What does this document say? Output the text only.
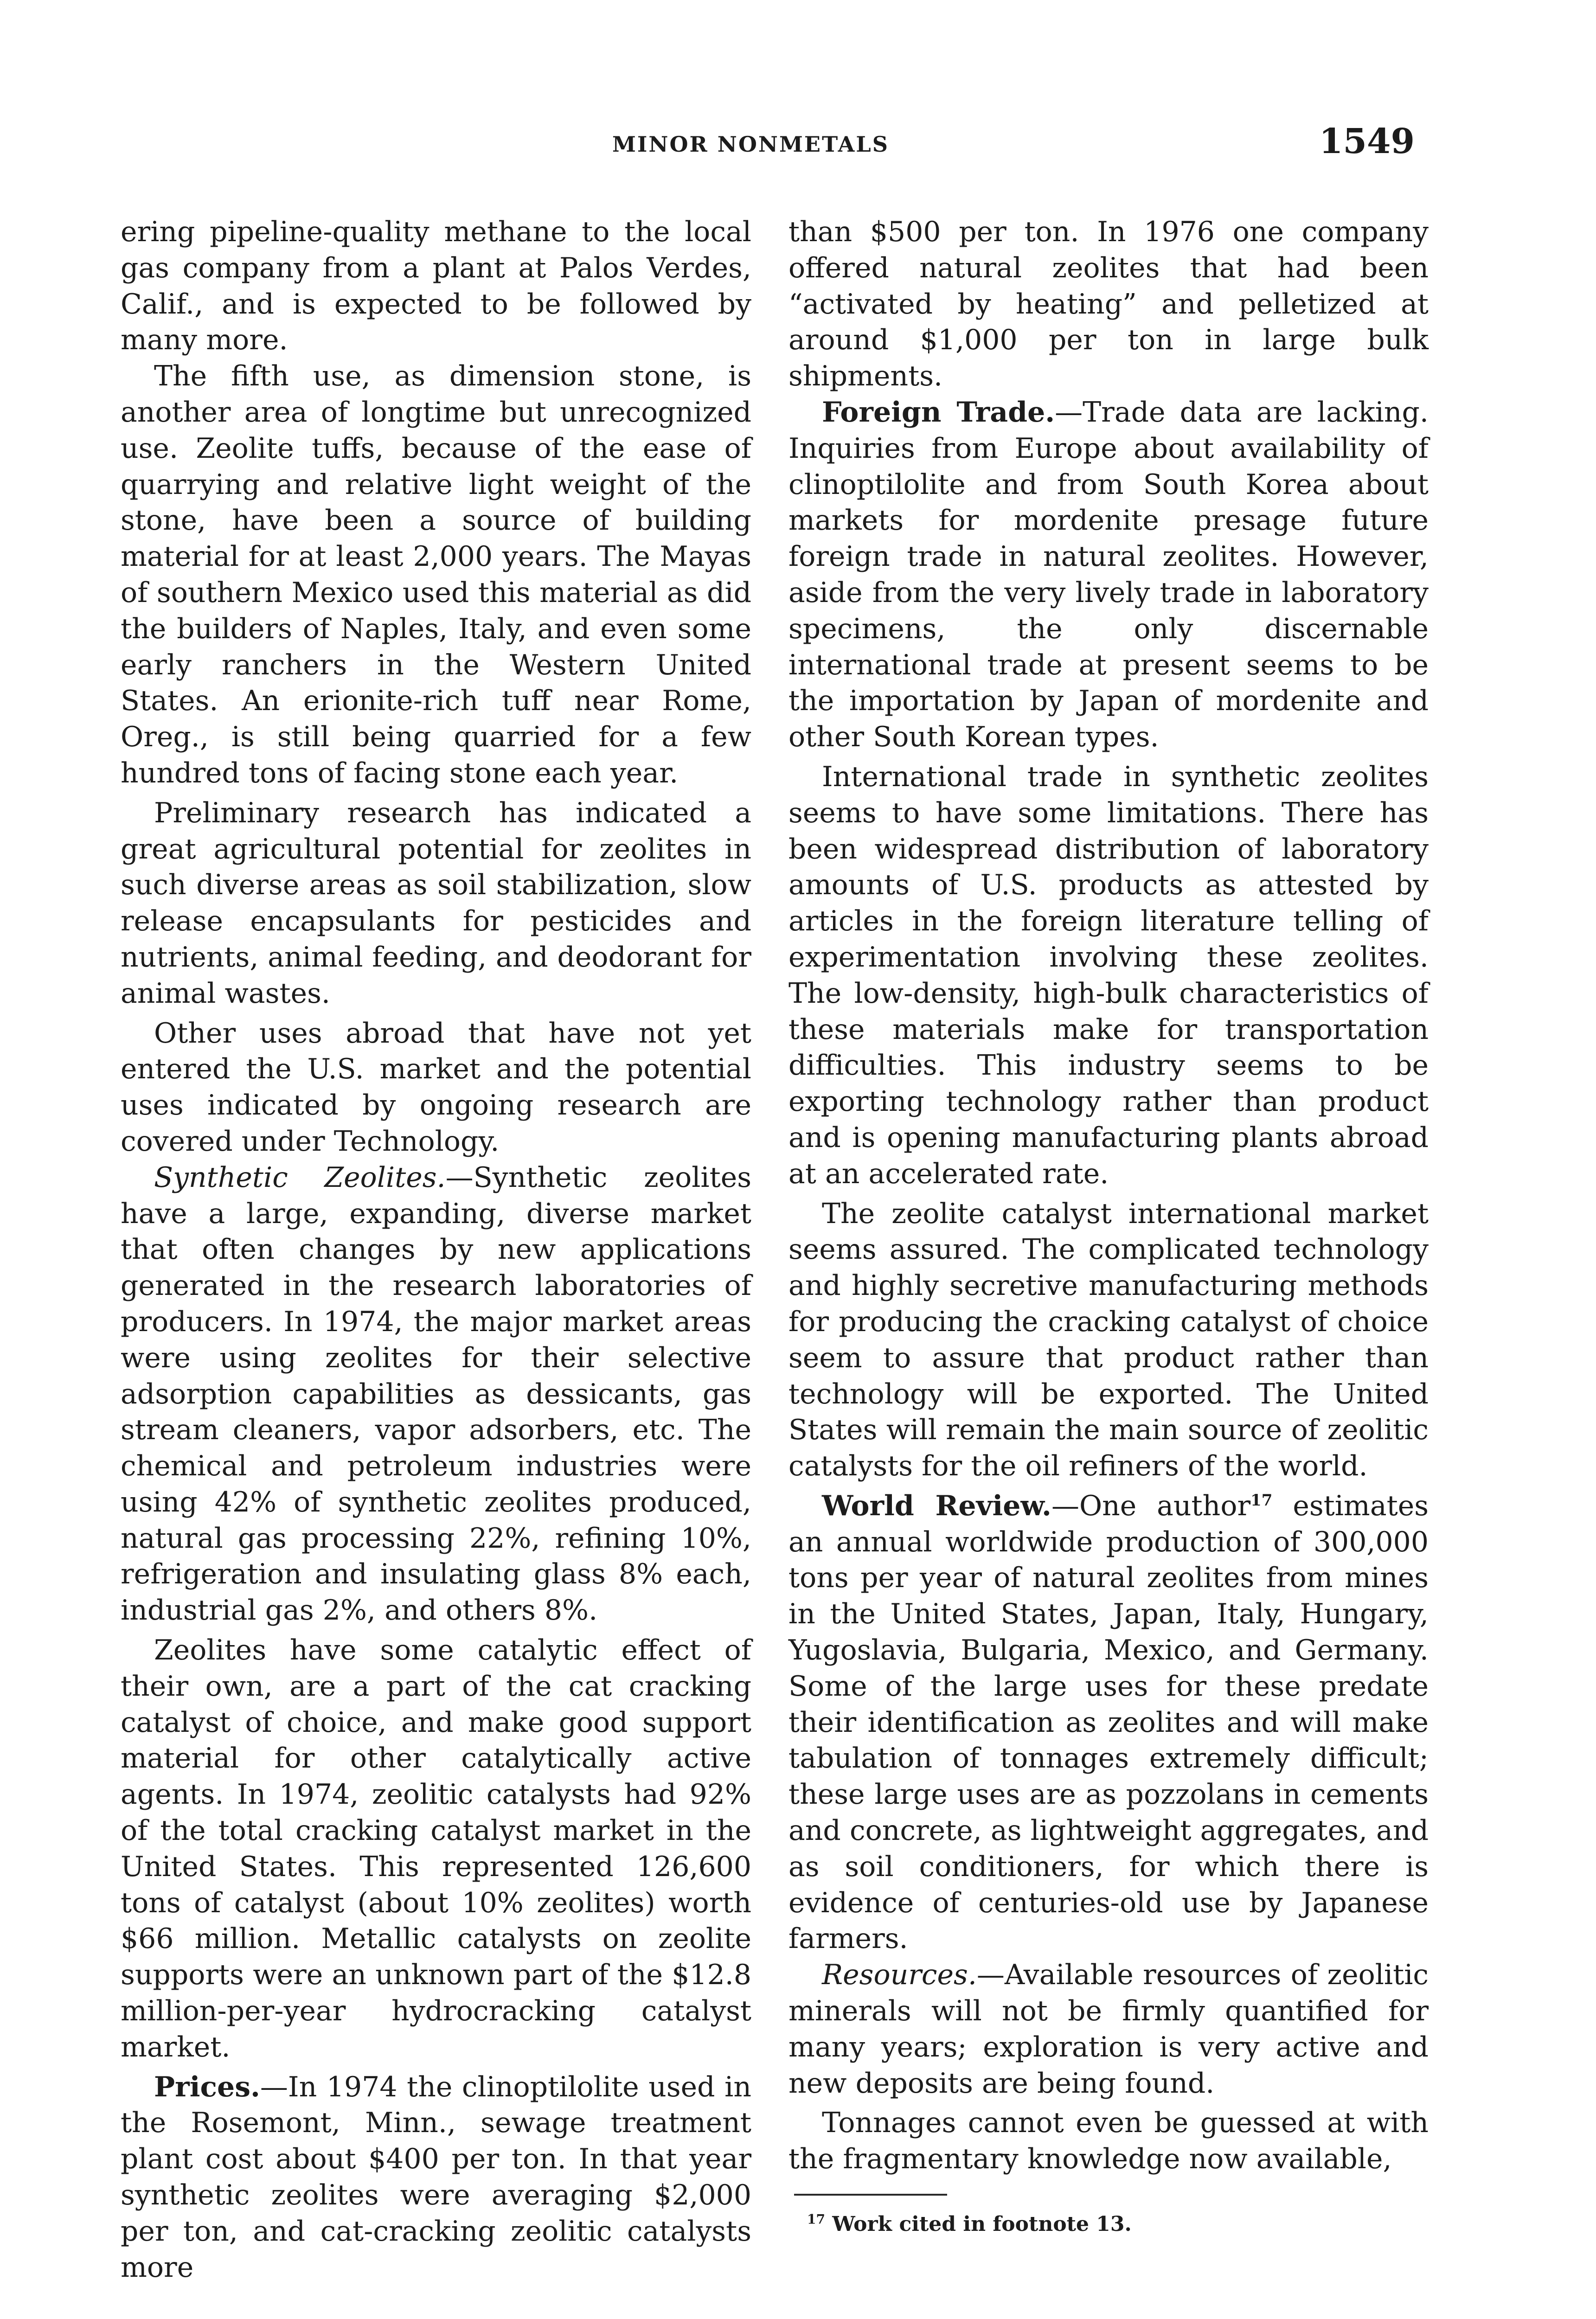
MINOR NONMETALS	1549

ering pipeline-quality methane to the local gas company from a plant at Palos Verdes, Calif., and is expected to be followed by many more.

The fifth use, as dimension stone, is another area of longtime but unrecognized use. Zeolite tuffs, because of the ease of quarrying and relative light weight of the stone, have been a source of building material for at least 2,000 years. The Mayas of southern Mexico used this material as did the builders of Naples, Italy, and even some early ranchers in the Western United States. An erionite-rich tuff near Rome, Oreg., is still being quarried for a few hundred tons of facing stone each year.

Preliminary research has indicated a great agricultural potential for zeolites in such diverse areas as soil stabilization, slow release encapsulants for pesticides and nutrients, animal feeding, and deodorant for animal wastes.

Other uses abroad that have not yet entered the U.S. market and the potential uses indicated by ongoing research are covered under Technology.

Synthetic Zeolites.—Synthetic zeolites have a large, expanding, diverse market that often changes by new applications generated in the research laboratories of producers. In 1974, the major market areas were using zeolites for their selective adsorption capabilities as dessicants, gas stream cleaners, vapor adsorbers, etc. The chemical and petroleum industries were using 42% of synthetic zeolites produced, natural gas processing 22%, refining 10%, refrigeration and insulating glass 8% each, industrial gas 2%, and others 8%.

Zeolites have some catalytic effect of their own, are a part of the cat cracking catalyst of choice, and make good support material for other catalytically active agents. In 1974, zeolitic catalysts had 92% of the total cracking catalyst market in the United States. This represented 126,600 tons of catalyst (about 10% zeolites) worth $66 million. Metallic catalysts on zeolite supports were an unknown part of the $12.8 million-per-year hydrocracking catalyst market.

Prices.—In 1974 the clinoptilolite used in the Rosemont, Minn., sewage treatment plant cost about $400 per ton. In that year synthetic zeolites were averaging $2,000 per ton, and cat-cracking zeolitic catalysts more

than $500 per ton. In 1976 one company offered natural zeolites that had been “activated by heating” and pelletized at around $1,000 per ton in large bulk shipments.

Foreign Trade.—Trade data are lacking. Inquiries from Europe about availability of clinoptilolite and from South Korea about markets for mordenite presage future foreign trade in natural zeolites. However, aside from the very lively trade in laboratory specimens, the only discernable international trade at present seems to be the importation by Japan of mordenite and other South Korean types.

International trade in synthetic zeolites seems to have some limitations. There has been widespread distribution of laboratory amounts of U.S. products as attested by articles in the foreign literature telling of experimentation involving these zeolites. The low-density, high-bulk characteristics of these materials make for transportation difficulties. This industry seems to be exporting technology rather than product and is opening manufacturing plants abroad at an accelerated rate.

The zeolite catalyst international market seems assured. The complicated technology and highly secretive manufacturing methods for producing the cracking catalyst of choice seem to assure that product rather than technology will be exported. The United States will remain the main source of zeolitic catalysts for the oil refiners of the world.

World Review.—One author$^{17}$ estimates an annual worldwide production of 300,000 tons per year of natural zeolites from mines in the United States, Japan, Italy, Hungary, Yugoslavia, Bulgaria, Mexico, and Germany. Some of the large uses for these predate their identification as zeolites and will make tabulation of tonnages extremely difficult; these large uses are as pozzolans in cements and concrete, as lightweight aggregates, and as soil conditioners, for which there is evidence of centuries-old use by Japanese farmers.

Resources.—Available resources of zeolitic minerals will not be firmly quantified for many years; exploration is very active and new deposits are being found.

Tonnages cannot even be guessed at with the fragmentary knowledge now available,

$^{17}$ Work cited in footnote 13.
